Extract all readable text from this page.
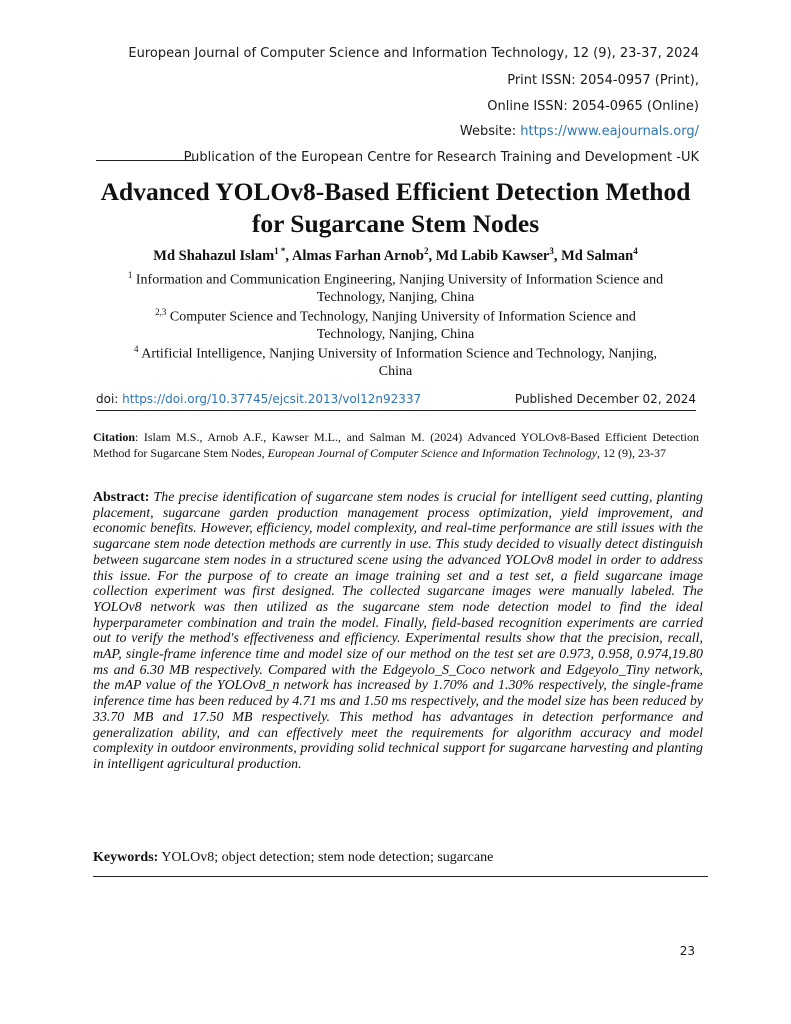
European Journal of Computer Science and Information Technology, 12 (9), 23-37, 2024
Print ISSN: 2054-0957 (Print),
Online ISSN: 2054-0965 (Online)
Website: https://www.eajournals.org/
Publication of the European Centre for Research Training and Development -UK
Advanced YOLOv8-Based Efficient Detection Method
for Sugarcane Stem Nodes
Md Shahazul Islam$^{1 *}$, Almas Farhan Arnob$^2$, Md Labib Kawser$^3$, Md Salman$^4$
$^1$ Information and Communication Engineering, Nanjing University of Information Science and
Technology, Nanjing, China
$^{2,3}$ Computer Science and Technology, Nanjing University of Information Science and
Technology, Nanjing, China
$^4$ Artificial Intelligence, Nanjing University of Information Science and Technology, Nanjing,
China
doi: https://doi.org/10.37745/ejcsit.2013/vol12n92337	Published December 02, 2024
Citation: Islam M.S., Arnob A.F., Kawser M.L., and Salman M. (2024) Advanced YOLOv8-Based Efficient Detection Method for Sugarcane Stem Nodes, European Journal of Computer Science and Information Technology, 12 (9), 23-37
Abstract: The precise identification of sugarcane stem nodes is crucial for intelligent seed cutting, planting placement, sugarcane garden production management process optimization, yield improvement, and economic benefits. However, efficiency, model complexity, and real-time performance are still issues with the sugarcane stem node detection methods are currently in use. This study decided to visually detect distinguish between sugarcane stem nodes in a structured scene using the advanced YOLOv8 model in order to address this issue. For the purpose of to create an image training set and a test set, a field sugarcane image collection experiment was first designed. The collected sugarcane images were manually labeled. The YOLOv8 network was then utilized as the sugarcane stem node detection model to find the ideal hyperparameter combination and train the model. Finally, field-based recognition experiments are carried out to verify the method's effectiveness and efficiency. Experimental results show that the precision, recall, mAP, single-frame inference time and model size of our method on the test set are 0.973, 0.958, 0.974,19.80 ms and 6.30 MB respectively. Compared with the Edgeyolo_S_Coco network and Edgeyolo_Tiny network, the mAP value of the YOLOv8_n network has increased by 1.70% and 1.30% respectively, the single-frame inference time has been reduced by 4.71 ms and 1.50 ms respectively, and the model size has been reduced by 33.70 MB and 17.50 MB respectively. This method has advantages in detection performance and generalization ability, and can effectively meet the requirements for algorithm accuracy and model complexity in outdoor environments, providing solid technical support for sugarcane harvesting and planting in intelligent agricultural production.
Keywords: YOLOv8; object detection; stem node detection; sugarcane
23
